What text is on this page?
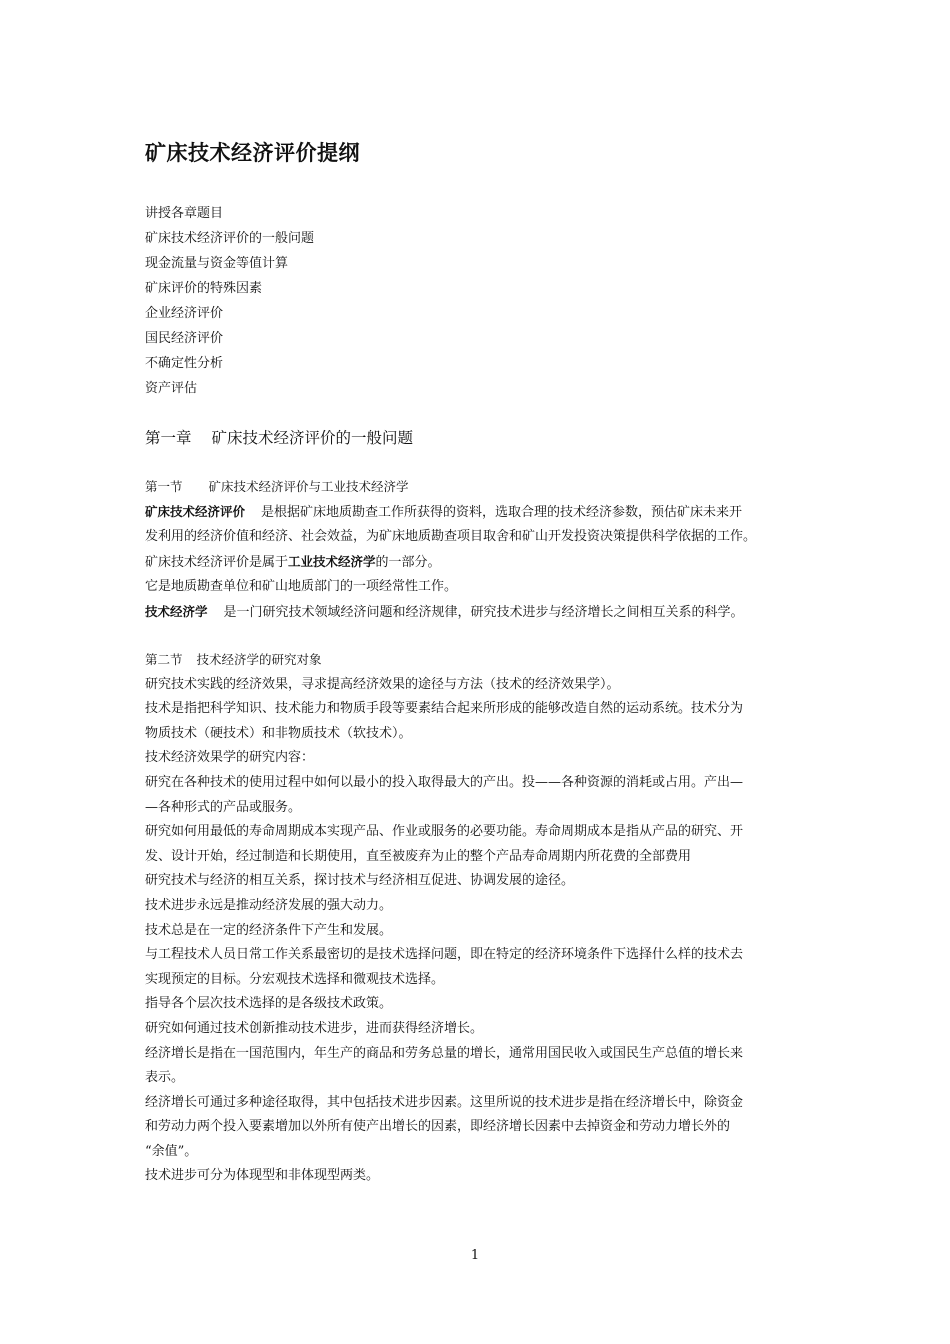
矿床技术经济评价提纲
讲授各章题目
矿床技术经济评价的一般问题
现金流量与资金等值计算
矿床评价的特殊因素
企业经济评价
国民经济评价
不确定性分析
资产评估
第一章 矿床技术经济评价的一般问题

第一节 矿床技术经济评价与工业技术经济学

矿床技术经济评价 是根据矿床地质勘查工作所获得的资料，选取合理的技术经济参数，预估矿床未来开

发利用的经济价值和经济、社会效益，为矿床地质勘查项目取舍和矿山开发投资决策提供科学依据的工作。

矿床技术经济评价是属于工业技术经济学的一部分。

它是地质勘查单位和矿山地质部门的一项经常性工作。

技术经济学 是一门研究技术领域经济问题和经济规律，研究技术进步与经济增长之间相互关系的科学。

第二节 技术经济学的研究对象

研究技术实践的经济效果，寻求提高经济效果的途径与方法（技术的经济效果学）。

技术是指把科学知识、技术能力和物质手段等要素结合起来所形成的能够改造自然的运动系统。技术分为

物质技术（硬技术）和非物质技术（软技术）。

技术经济效果学的研究内容：

研究在各种技术的使用过程中如何以最小的投入取得最大的产出。投——各种资源的消耗或占用。产出—

—各种形式的产品或服务。

研究如何用最低的寿命周期成本实现产品、作业或服务的必要功能。寿命周期成本是指从产品的研究、开

发、设计开始，经过制造和长期使用，直至被废弃为止的整个产品寿命周期内所花费的全部费用

研究技术与经济的相互关系，探讨技术与经济相互促进、协调发展的途径。

技术进步永远是推动经济发展的强大动力。

技术总是在一定的经济条件下产生和发展。

与工程技术人员日常工作关系最密切的是技术选择问题，即在特定的经济环境条件下选择什么样的技术去

实现预定的目标。分宏观技术选择和微观技术选择。

指导各个层次技术选择的是各级技术政策。

研究如何通过技术创新推动技术进步，进而获得经济增长。

经济增长是指在一国范围内，年生产的商品和劳务总量的增长，通常用国民收入或国民生产总值的增长来

表示。

经济增长可通过多种途径取得，其中包括技术进步因素。这里所说的技术进步是指在经济增长中，除资金

和劳动力两个投入要素增加以外所有使产出增长的因素，即经济增长因素中去掉资金和劳动力增长外的

“余值”。

技术进步可分为体现型和非体现型两类。

1
